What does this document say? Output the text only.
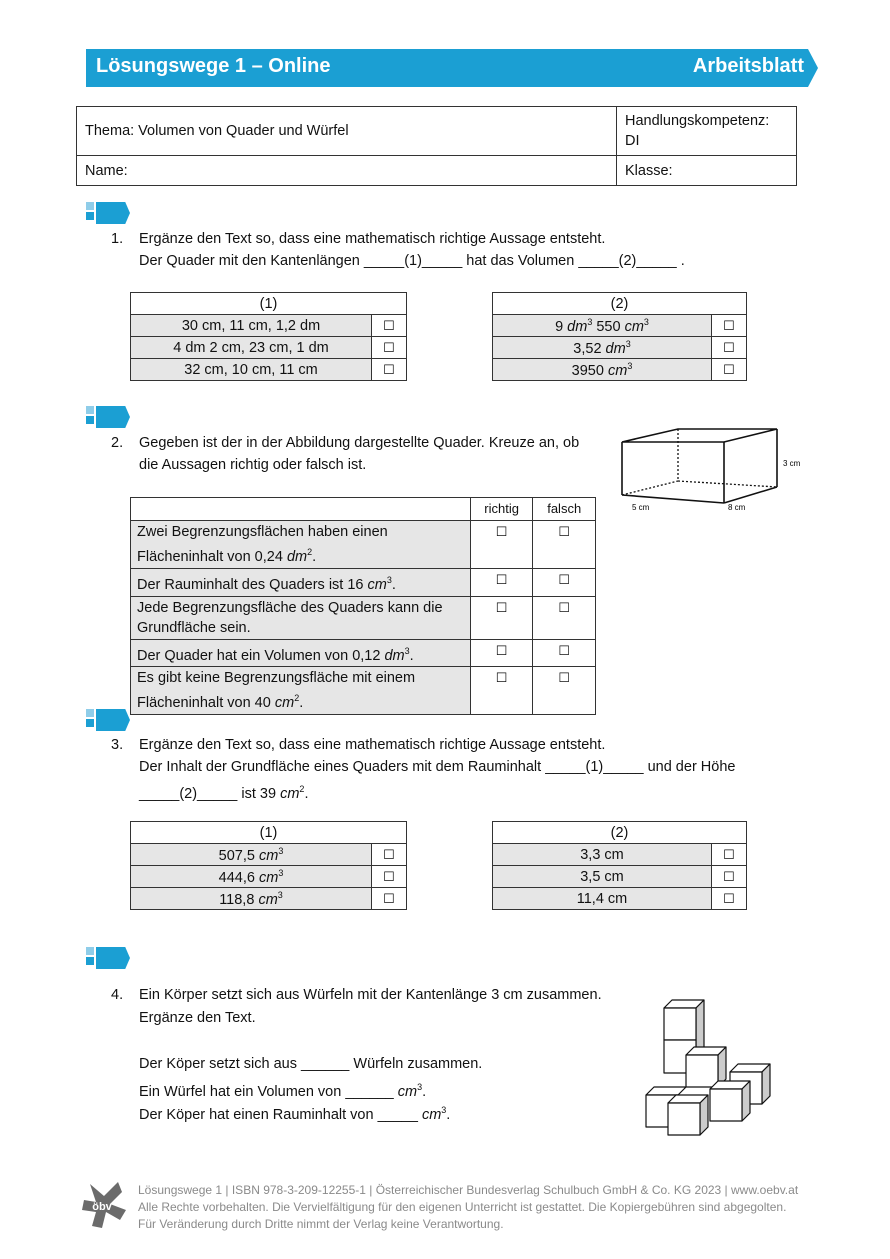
Lösungswege 1 – Online	Arbeitsblatt
Thema: Volumen von Quader und Würfel	Handlungskompetenz:
DI
Name:	Klasse:
1. Ergänze den Text so, dass eine mathematisch richtige Aussage entsteht.
Der Quader mit den Kantenlängen _____(1)_____ hat das Volumen _____(2)_____ .
(1)	
30 cm, 11 cm, 1,2 dm	☐
4 dm 2 cm, 23 cm, 1 dm	☐
32 cm, 10 cm, 11 cm	☐
(2)	
9 $dm^3$ 550 $cm^3$	☐
3,52 $dm^3$	☐
3950 $cm^3$	☐
2. Gegeben ist der in der Abbildung dargestellte Quader. Kreuze an, ob
die Aussagen richtig oder falsch ist.	3 cm
5 cm	8 cm
	richtig	falsch
Zwei Begrenzungsflächen haben einen
Flächeninhalt von 0,24 $dm^2$.	☐	☐
Der Rauminhalt des Quaders ist 16 $cm^3$.	☐	☐
Jede Begrenzungsfläche des Quaders kann die
Grundfläche sein.	☐	☐
Der Quader hat ein Volumen von 0,12 $dm^3$.	☐	☐
Es gibt keine Begrenzungsfläche mit einem
Flächeninhalt von 40 $cm^2$.	☐	☐
3. Ergänze den Text so, dass eine mathematisch richtige Aussage entsteht.
Der Inhalt der Grundfläche eines Quaders mit dem Rauminhalt _____(1)_____ und der Höhe
_____(2)_____ ist 39 $cm^2$.
(1)	
507,5 $cm^3$	☐
444,6 $cm^3$	☐
118,8 $cm^3$	☐
(2)	
3,3 cm	☐
3,5 cm	☐
11,4 cm	☐
4. Ein Körper setzt sich aus Würfeln mit der Kantenlänge 3 cm zusammen.
Ergänze den Text.
Der Köper setzt sich aus ______ Würfeln zusammen.
Ein Würfel hat ein Volumen von ______ $cm^3$.
Der Köper hat einen Rauminhalt von _____ $cm^3$.
öbv
Lösungswege 1 | ISBN 978-3-209-12255-1 | Österreichischer Bundesverlag Schulbuch GmbH & Co. KG 2023 | www.oebv.at
Alle Rechte vorbehalten. Die Vervielfältigung für den eigenen Unterricht ist gestattet. Die Kopiergebühren sind abgegolten.
Für Veränderung durch Dritte nimmt der Verlag keine Verantwortung.
